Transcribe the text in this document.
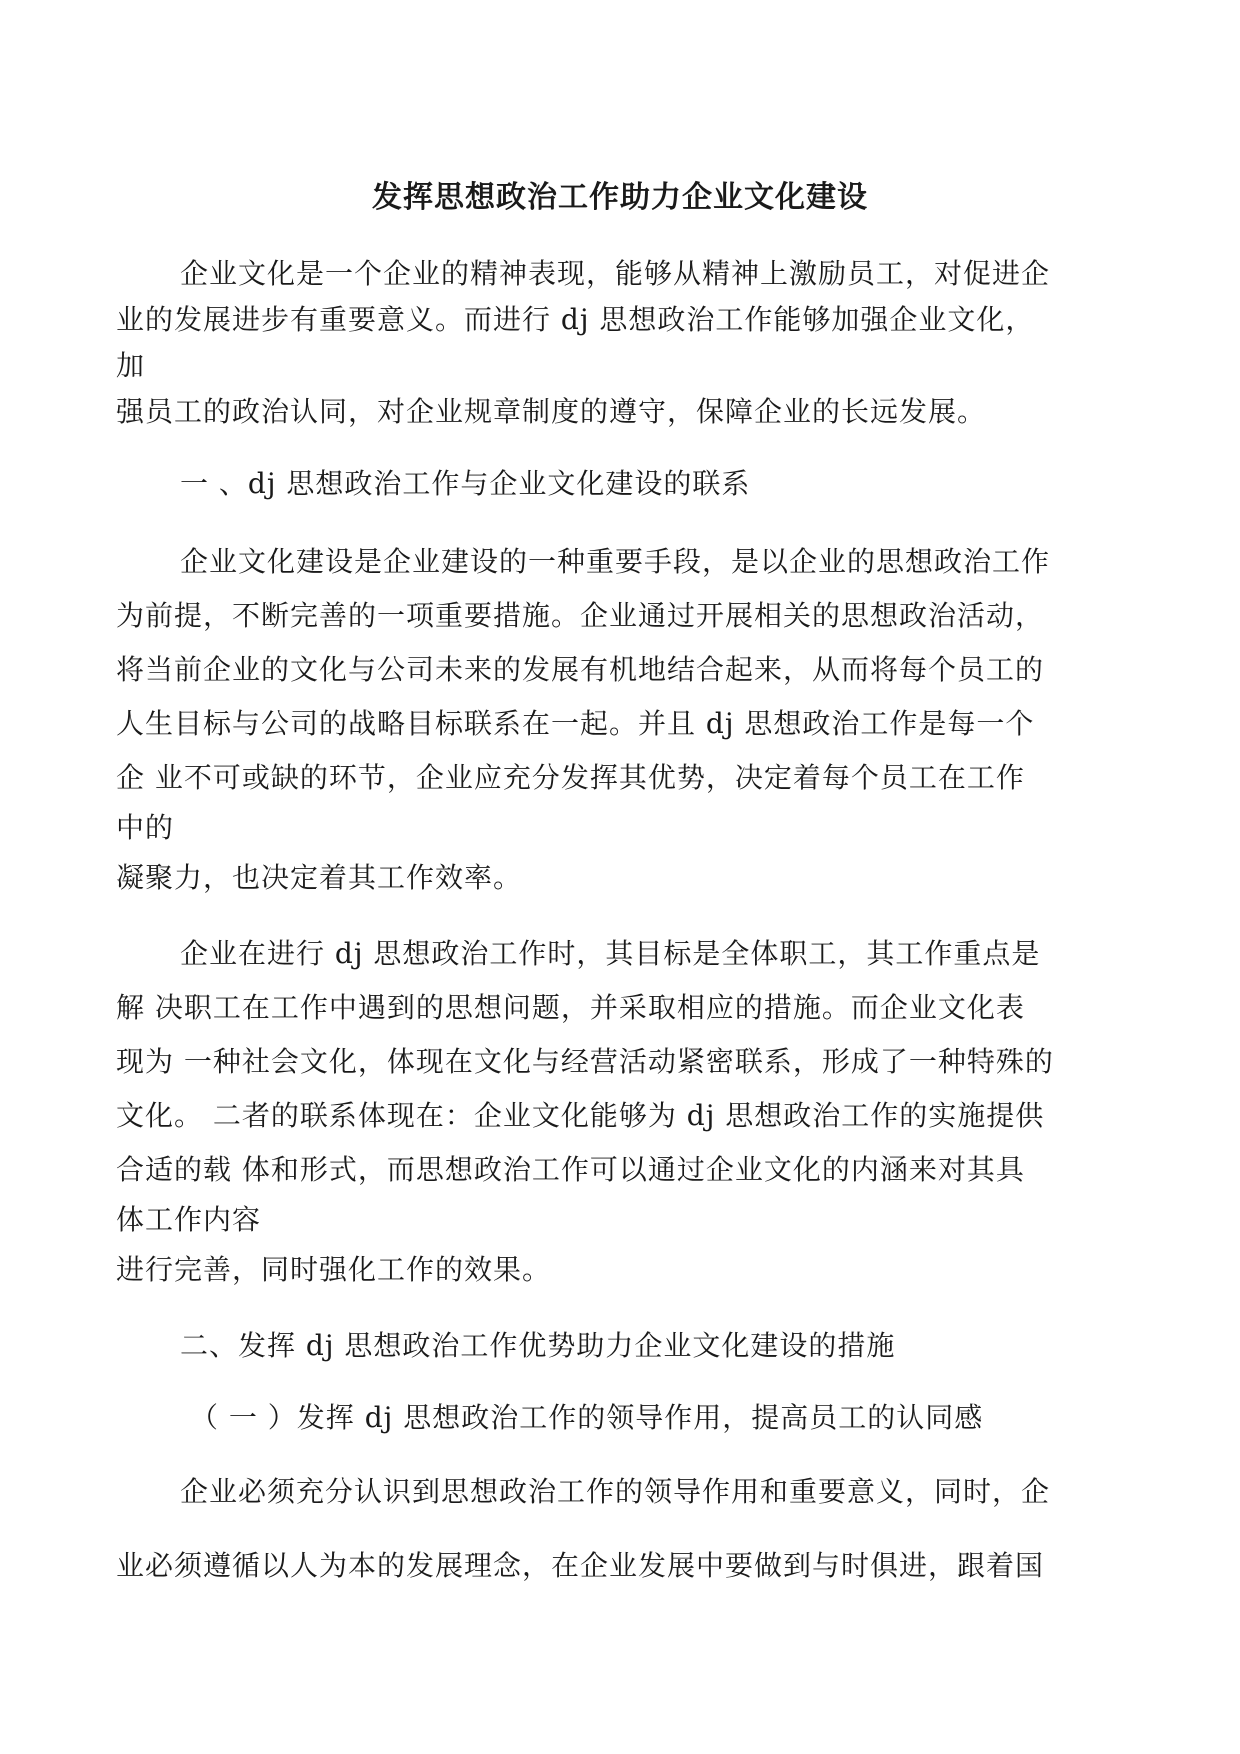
发挥思想政治工作助力企业文化建设
企业文化是一个企业的精神表现，能够从精神上激励员工，对促进企
业的发展进步有重要意义。而进行 dj 思想政治工作能够加强企业文化，
加
强员工的政治认同，对企业规章制度的遵守，保障企业的长远发展。
一 、dj 思想政治工作与企业文化建设的联系
企业文化建设是企业建设的一种重要手段，是以企业的思想政治工作
为前提，不断完善的一项重要措施。企业通过开展相关的思想政治活动，
将当前企业的文化与公司未来的发展有机地结合起来，从而将每个员工的
人生目标与公司的战略目标联系在一起。并且 dj 思想政治工作是每一个
企 业不可或缺的环节，企业应充分发挥其优势，决定着每个员工在工作
中的
凝聚力，也决定着其工作效率。
企业在进行 dj 思想政治工作时，其目标是全体职工，其工作重点是
解 决职工在工作中遇到的思想问题，并采取相应的措施。而企业文化表
现为 一种社会文化，体现在文化与经营活动紧密联系，形成了一种特殊的
文化。 二者的联系体现在：企业文化能够为 dj 思想政治工作的实施提供
合适的载 体和形式，而思想政治工作可以通过企业文化的内涵来对其具
体工作内容
进行完善，同时强化工作的效果。
二、发挥 dj 思想政治工作优势助力企业文化建设的措施
（ 一 ）发挥 dj 思想政治工作的领导作用，提高员工的认同感
企业必须充分认识到思想政治工作的领导作用和重要意义，同时，企
业必须遵循以人为本的发展理念，在企业发展中要做到与时俱进，跟着国
